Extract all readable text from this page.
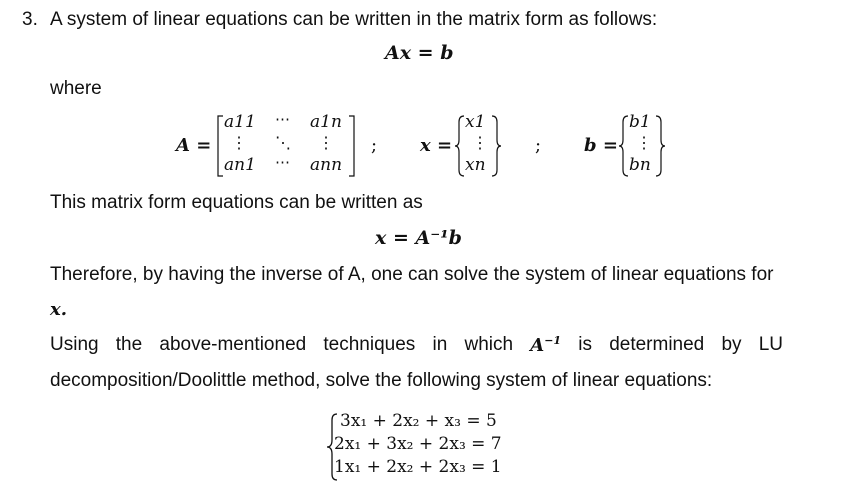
3. A system of linear equations can be written in the matrix form as follows:
Ax = b
where
A =
a11 ⋯ a1n
⋮ ⋱ ⋮
an1 ⋯ ann
; x =
x1
⋮
xn
; b =
b1
⋮
bn
This matrix form equations can be written as
x = A⁻¹b
Therefore, by having the inverse of A, one can solve the system of linear equations for
x.
Using the above-mentioned techniques in which $A^{-1}$ is determined by LU
decomposition/Doolittle method, solve the following system of linear equations:
3x₁ + 2x₂ + x₃ = 5
2x₁ + 3x₂ + 2x₃ = 7
1x₁ + 2x₂ + 2x₃ = 1
